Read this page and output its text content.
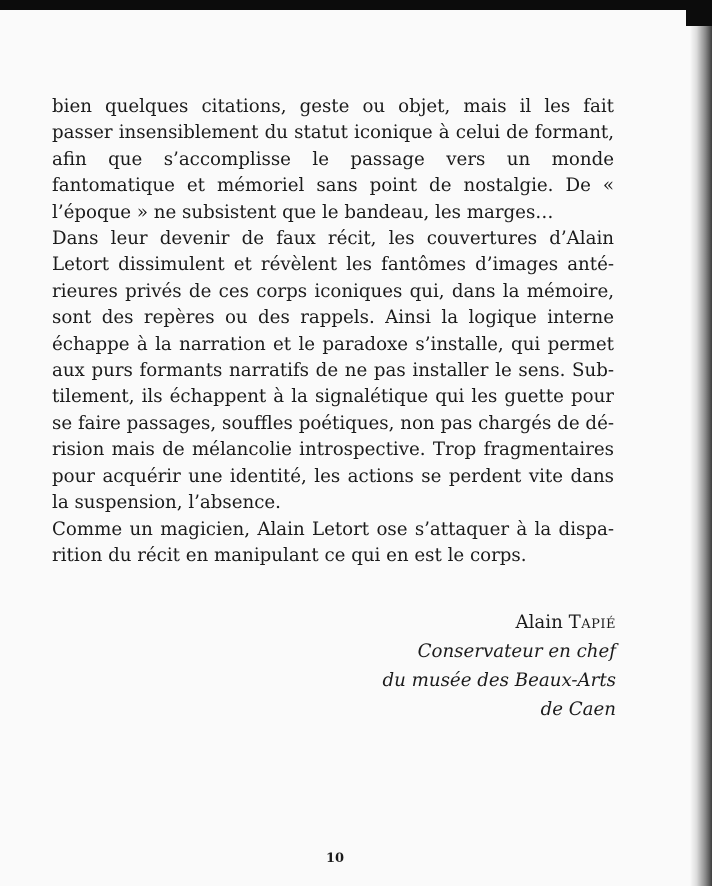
bien quelques citations, geste ou objet, mais il les fait passer insensiblement du statut iconique à celui de formant, afin que s’accomplisse le passage vers un monde fantomatique et mémoriel sans point de nostalgie. De « l’époque » ne subsistent que le bandeau, les marges…

Dans leur devenir de faux récit, les couvertures d’Alain Letort dissimulent et révèlent les fantômes d’images antérieures privés de ces corps iconiques qui, dans la mémoire, sont des repères ou des rappels. Ainsi la logique interne échappe à la narration et le paradoxe s’installe, qui permet aux purs formants narratifs de ne pas installer le sens. Subtilement, ils échappent à la signalétique qui les guette pour se faire passages, souffles poétiques, non pas chargés de dérision mais de mélancolie introspective. Trop fragmentaires pour acquérir une identité, les actions se perdent vite dans la suspension, l’absence.

Comme un magicien, Alain Letort ose s’attaquer à la disparition du récit en manipulant ce qui en est le corps.

Alain Tapié
Conservateur en chef
du musée des Beaux-Arts
de Caen
10
